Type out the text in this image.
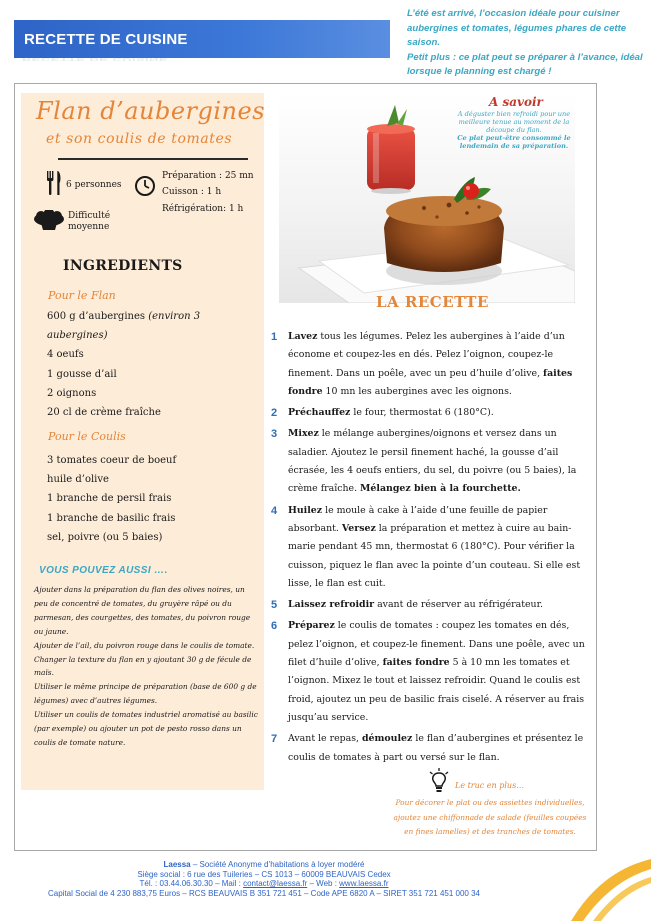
RECETTE DE CUISINE
RECETTE DE CUISINE

L’été est arrivé, l’occasion idéale pour cuisiner aubergines et tomates, légumes phares de cette saison.

Petit plus : ce plat peut se préparer à l’avance, idéal lorsque le planning est chargé !

Flan d’aubergines
et son coulis de tomates
6 personnes
Préparation : 25 mn
Cuisson : 1 h
Réfrigération: 1 h
Difficulté moyenne
INGREDIENTS
Pour le Flan
600 g d’aubergines (environ 3 aubergines)
4 oeufs
1 gousse d’ail
2 oignons
20 cl de crème fraîche
Pour le Coulis
3 tomates coeur de boeuf
huile d’olive
1 branche de persil frais
1 branche de basilic frais
sel, poivre (ou 5 baies)
VOUS POUVEZ AUSSI ….

Ajouter dans la préparation du flan des olives noires, un peu de concentré de tomates, du gruyère râpé ou du parmesan, des courgettes, des tomates, du poivron rouge ou jaune.

Ajouter de l’ail, du poivron rouge dans le coulis de tomate.

Changer la texture du flan en y ajoutant 30 g de fécule de maïs.

Utiliser le même principe de préparation (base de 600 g de légumes) avec d’autres légumes.

Utiliser un coulis de tomates industriel aromatisé au basilic (par exemple) ou ajouter un pot de pesto rosso dans un coulis de tomate nature.

A savoir

A déguster bien refroidi pour une meilleure tenue au moment de la découpe du flan.

Ce plat peut-être consommé le lendemain de sa préparation.

LA RECETTE
1 Lavez tous les légumes. Pelez les aubergines à l’aide d’un économe et coupez-les en dés. Pelez l’oignon, coupez-le finement. Dans un poêle, avec un peu d’huile d’olive, faites fondre 10 mn les aubergines avec les oignons.
2 Préchauffez le four, thermostat 6 (180°C).
3 Mixez le mélange aubergines/oignons et versez dans un saladier. Ajoutez le persil finement haché, la gousse d’ail écrasée, les 4 oeufs entiers, du sel, du poivre (ou 5 baies), la crème fraîche. Mélangez bien à la fourchette.
4 Huilez le moule à cake à l’aide d’une feuille de papier absorbant. Versez la préparation et mettez à cuire au bain-marie pendant 45 mn, thermostat 6 (180°C). Pour vérifier la cuisson, piquez le flan avec la pointe d’un couteau. Si elle est lisse, le flan est cuit.
5 Laissez refroidir avant de réserver au réfrigérateur.
6 Préparez le coulis de tomates : coupez les tomates en dés, pelez l’oignon, et coupez-le finement. Dans une poêle, avec un filet d’huile d’olive, faites fondre 5 à 10 mn les tomates et l’oignon. Mixez le tout et laissez refroidir. Quand le coulis est froid, ajoutez un peu de basilic frais ciselé. A réserver au frais jusqu’au service.
7 Avant le repas, démoulez le flan d’aubergines et présentez le coulis de tomates à part ou versé sur le flan.
Le truc en plus…
Pour décorer le plat ou des assiettes individuelles, ajoutez une chiffonnade de salade (feuilles coupées en fines lamelles) et des tranches de tomates.
Laessa – Société Anonyme d’habitations à loyer modéré
Siège social : 6 rue des Tuileries – CS 1013 – 60009 BEAUVAIS Cedex
Tél. : 03.44.06.30.30 – Mail : contact@laessa.fr – Web : www.laessa.fr
Capital Social de 4 230 883,75 Euros – RCS BEAUVAIS B 351 721 451 – Code APE 6820 A – SIRET 351 721 451 000 34
